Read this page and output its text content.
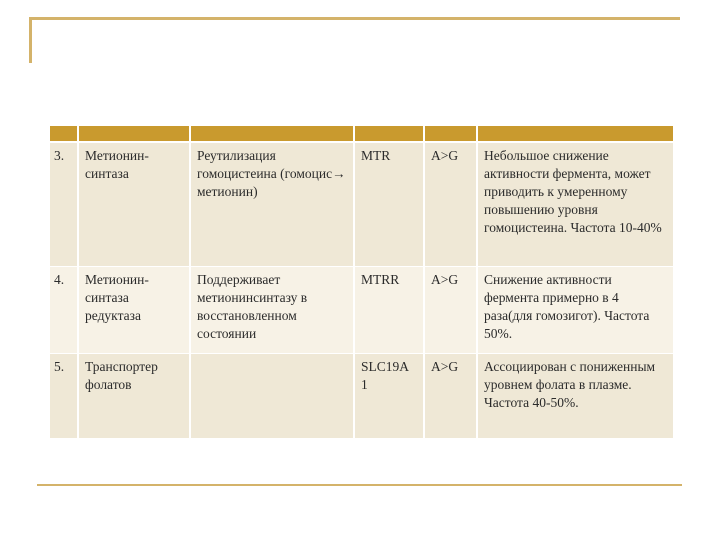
3.	Метионин-синтаза	Реутилизация гомоцистеина (гомоцис→ метионин)	MTR	A>G	Небольшое снижение активности фермента, может приводить к умеренному повышению уровня гомоцистеина. Частота 10-40%

4.	Метионин-синтаза редуктаза	Поддерживает метионинсинтазу в восстановленном состоянии	MTRR	A>G	Снижение активности фермента примерно в 4 раза(для гомозигот). Частота 50%.

5.	Транспортер фолатов		SLC19A 1	A>G	Ассоциирован с пониженным уровнем фолата в плазме. Частота 40-50%.
